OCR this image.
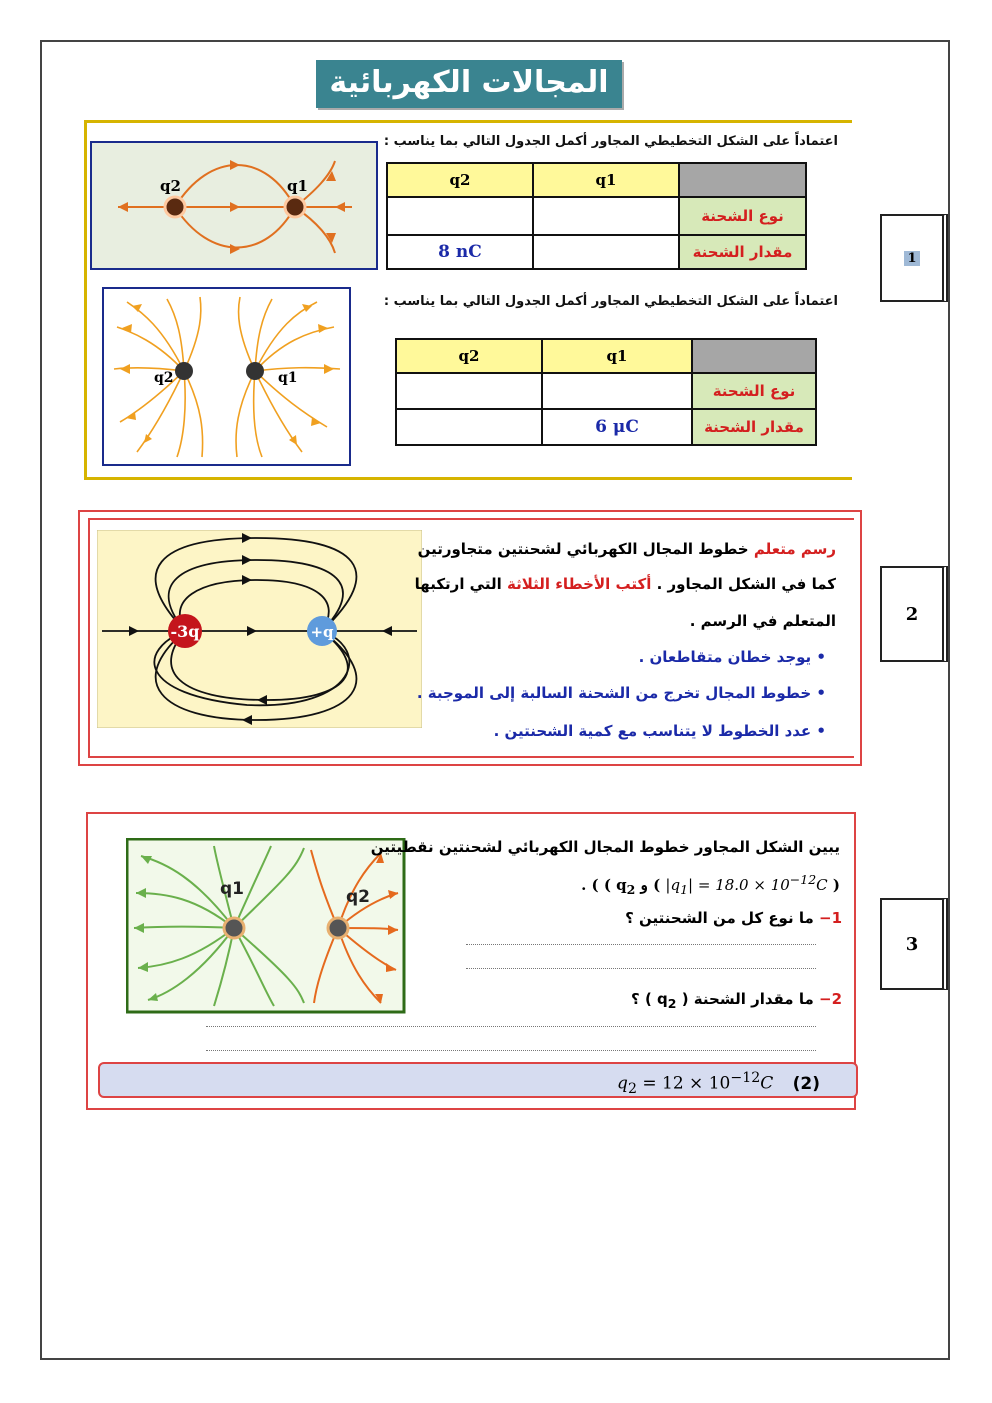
المجالات الكهربائية
1
اعتماداً على الشكل التخطيطي المجاور أكمل الجدول التالي بما يناسب :
q2	q1	q2	q1	
		نوع الشحنة
8 nC		مقدار الشحنة
اعتماداً على الشكل التخطيطي المجاور أكمل الجدول التالي بما يناسب :
q2	q1
q2	q1	
		نوع الشحنة
	6 μC	مقدار الشحنة
2
-3q	+q
رسم متعلم خطوط المجال الكهربائي لشحنتين متجاورتين
كما في الشكل المجاور . أكتب الأخطاء الثلاثة التي ارتكبها
المتعلم في الرسم .
• يوجد خطان متقاطعان .
• خطوط المجال تخرج من الشحنة السالبة إلى الموجبة .
• عدد الخطوط لا يتناسب مع كمية الشحنتين .
3
q1	q2
يبين الشكل المجاور خطوط المجال الكهربائي لشحنتين نقطيتين
( $|q_1| = 18.0 \times 10^{-12}C$ ) و ( $q_2$ ) .
1− ما نوع كل من الشحنتين ؟
2− ما مقدار الشحنة ( $q_2$ ) ؟
$q_2 = 12 \times 10^{-12}C$ (2)
